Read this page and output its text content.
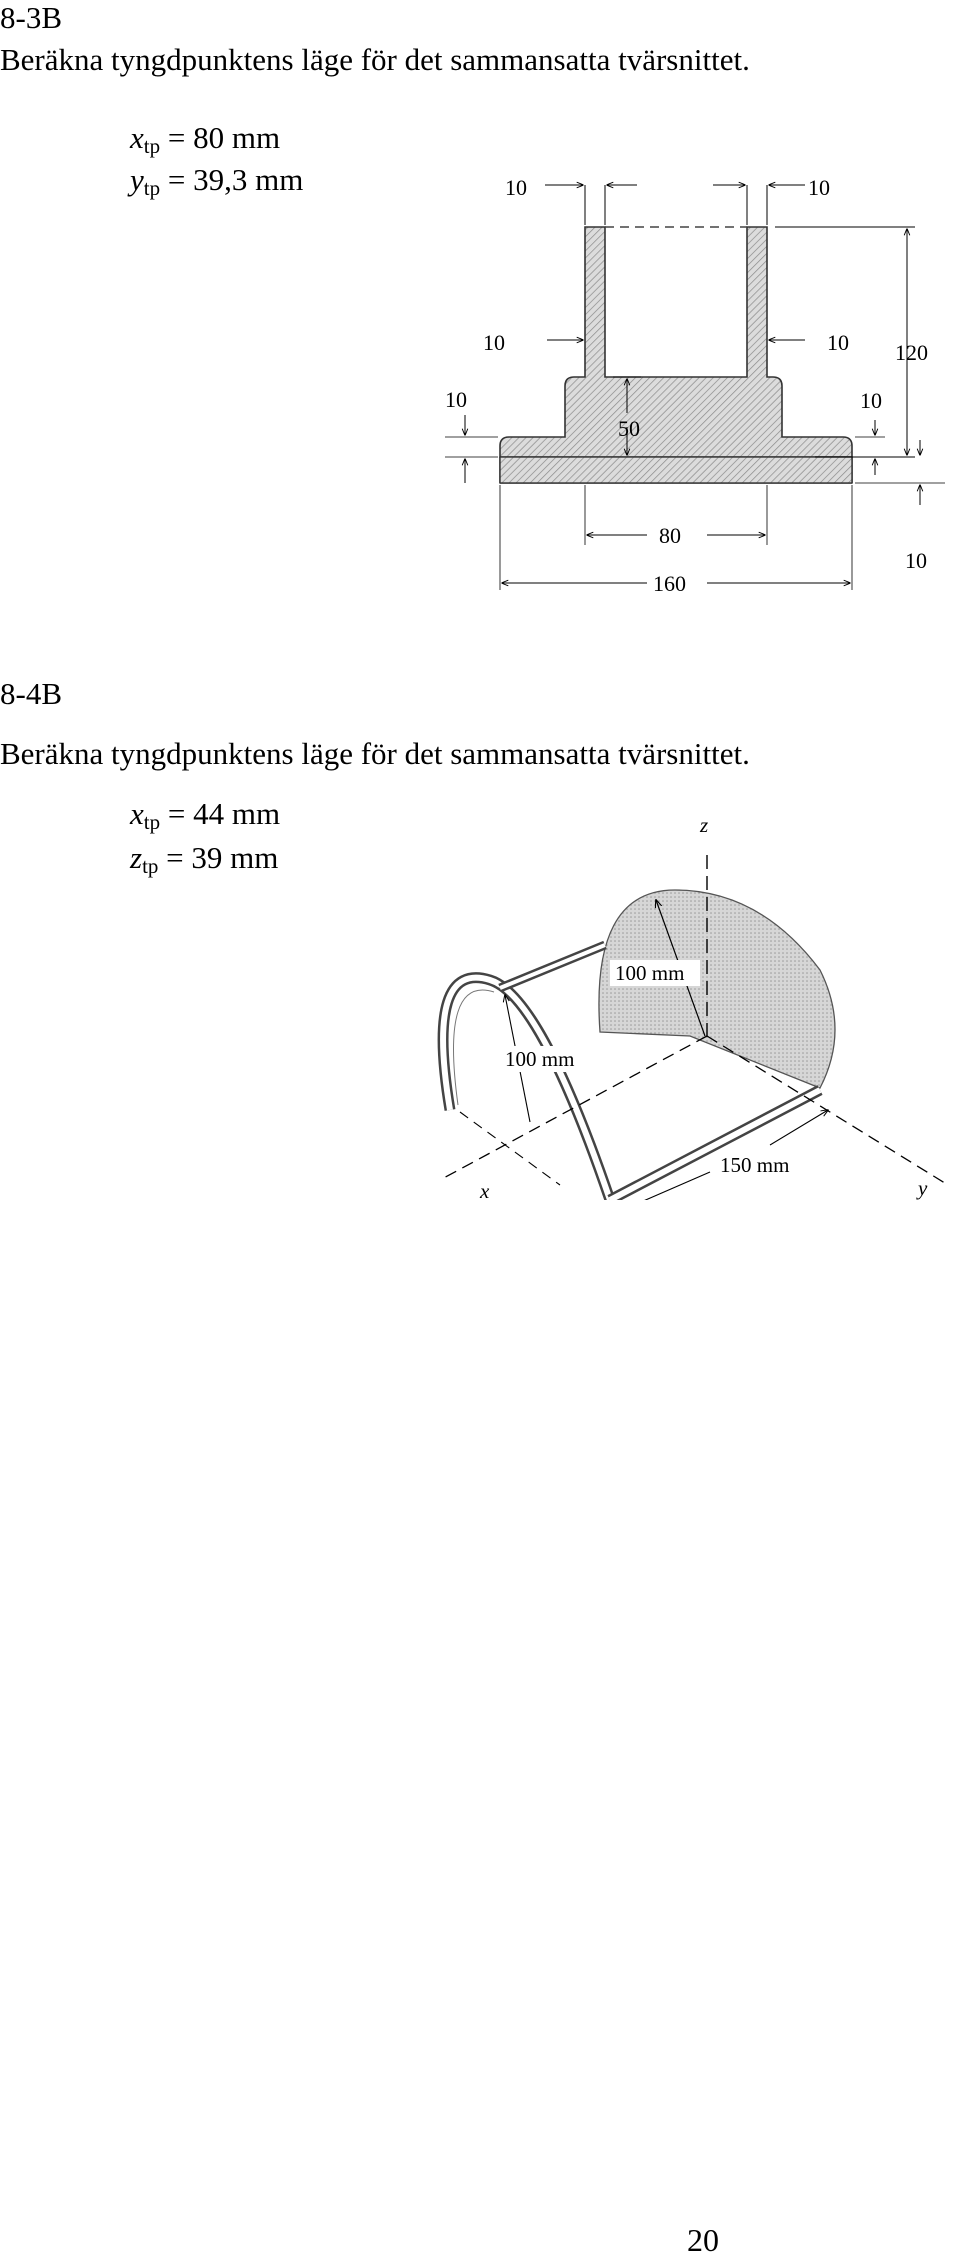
8-3B
Beräkna tyngdpunktens läge för det sammansatta tvärsnittet.
$x_{tp} = 80$ mm
$y_{tp} = 39,3$ mm	10	10
120
10	10
10	10
50
10
80
160
8-4B
Beräkna tyngdpunktens läge för det sammansatta tvärsnittet.
$x_{tp} = 44$ mm
$z_{tp} = 39$ mm
z
100 mm
x	y
100 mm
150 mm
20
